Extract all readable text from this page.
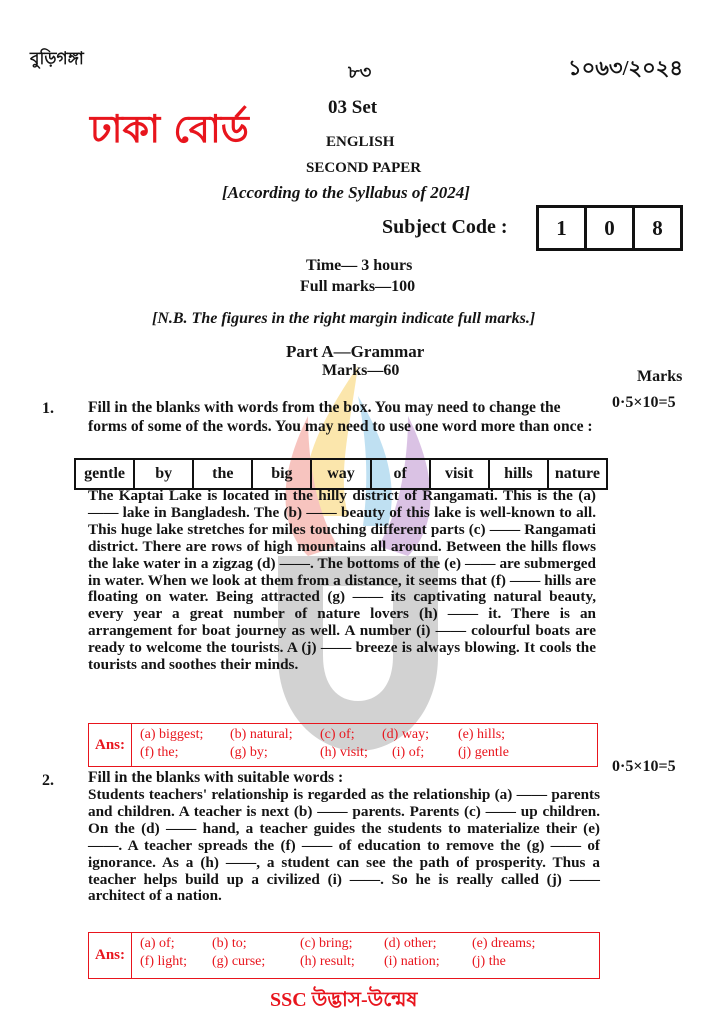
বুড়িগঙ্গা
৮৩	১০৬৩/২০২৪
ঢাকা বোর্ড	03 Set
ENGLISH
SECOND PAPER
[According to the Syllabus of 2024]
Subject Code :	1	0	8
Time— 3 hours
Full marks—100
[N.B. The figures in the right margin indicate full marks.]
Part A—Grammar
Marks—60	Marks
1.	0·5×10=5
Fill in the blanks with words from the box. You may need to change the forms of some of the words. You may need to use one word more than once :
gentle	by	the	big	way	of	visit	hills	nature
The Kaptai Lake is located in the hilly district of Rangamati. This is the (a) —— lake in Bangladesh. The (b) —— beauty of this lake is well-known to all. This huge lake stretches for miles touching different parts (c) —— Rangamati district. There are rows of high mountains all around. Between the hills flows the lake water in a zigzag (d) ——. The bottoms of the (e) —— are submerged in water. When we look at them from a distance, it seems that (f) —— hills are floating on water. Being attracted (g) —— its captivating natural beauty, every year a great number of nature lovers (h) —— it. There is an arrangement for boat journey as well. A number (i) —— colourful boats are ready to welcome the tourists. A (j) —— breeze is always blowing. It cools the tourists and soothes their minds.
Ans:
(a) biggest;	(b) natural;	(c) of;	(d) way;	(e) hills;
(f) the;	(g) by;	(h) visit;	(i) of;	(j) gentle
2.
0·5×10=5
Fill in the blanks with suitable words :
Students teachers' relationship is regarded as the relationship (a) —— parents and children. A teacher is next (b) —— parents. Parents (c) —— up children. On the (d) —— hand, a teacher guides the students to materialize their (e) ——. A teacher spreads the (f) —— of education to remove the (g) —— of ignorance. As a (h) ——, a student can see the path of prosperity. Thus a teacher helps build up a civilized (i) ——. So he is really called (j) —— architect of a nation.
Ans:
(a) of;	(b) to;	(c) bring;	(d) other;	(e) dreams;
(f) light;	(g) curse;	(h) result;	(i) nation;	(j) the
SSC উদ্ভাস-উন্মেষ
